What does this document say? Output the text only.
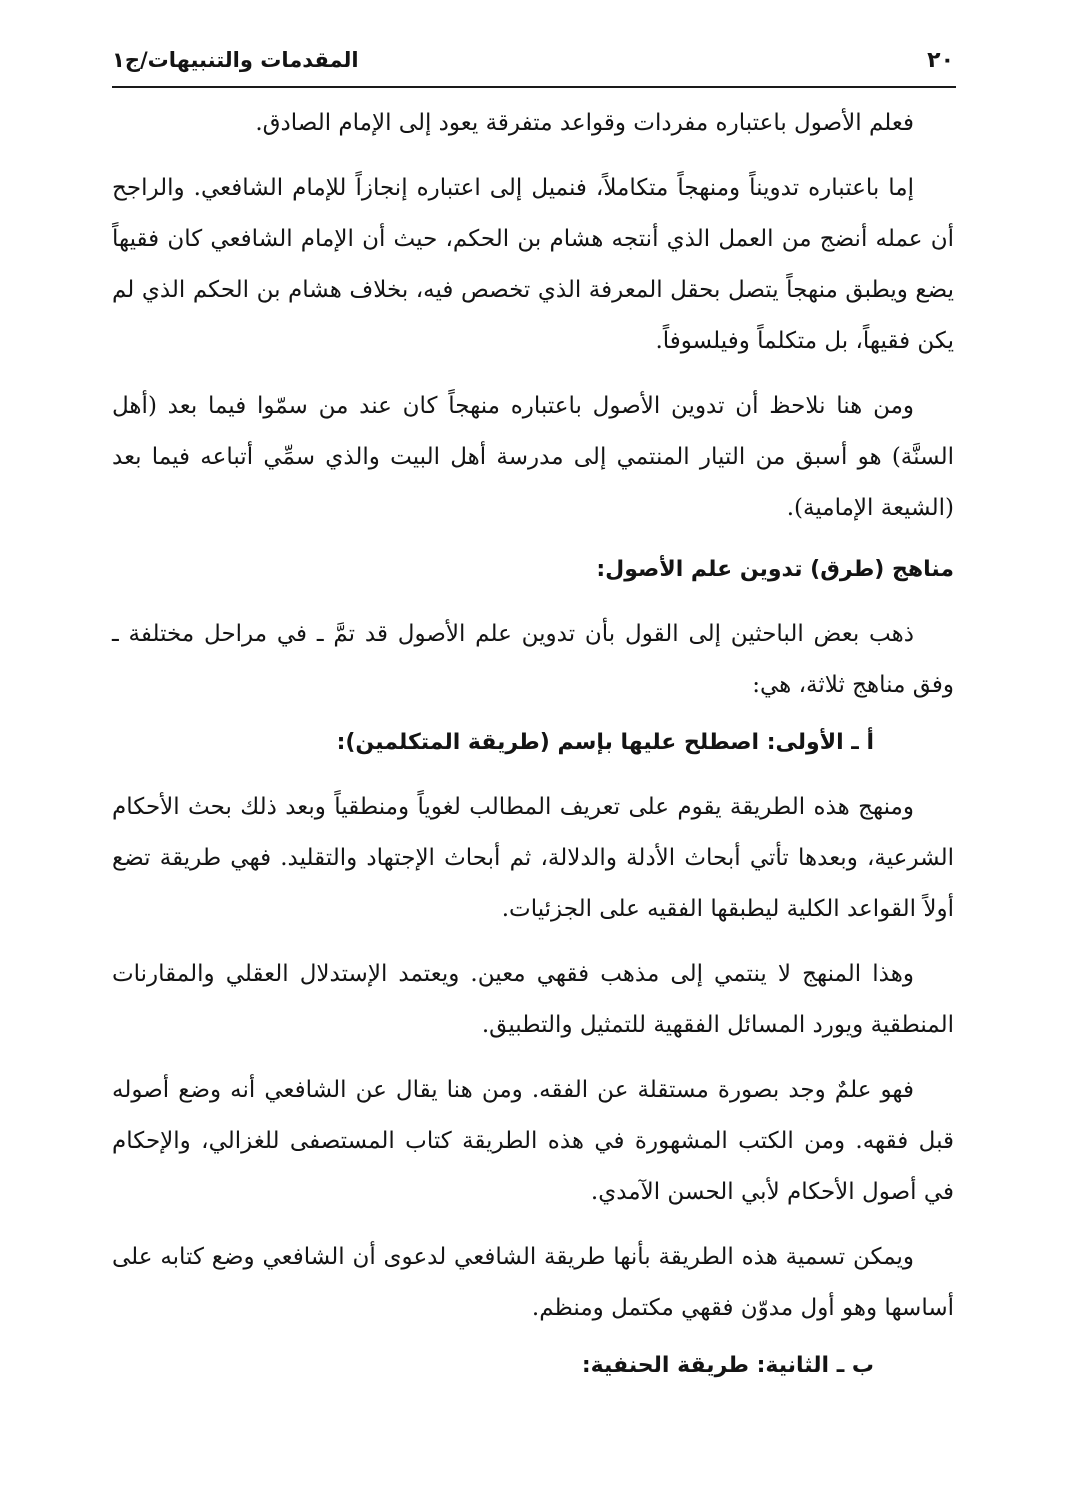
٢٠
المقدمات والتنبيهات/ج١

فعلم الأصول باعتباره مفردات وقواعد متفرقة يعود إلى الإمام الصادق.

إما باعتباره تدويناً ومنهجاً متكاملاً، فنميل إلى اعتباره إنجازاً للإمام الشافعي. والراجح أن عمله أنضج من العمل الذي أنتجه هشام بن الحكم، حيث أن الإمام الشافعي كان فقيهاً يضع ويطبق منهجاً يتصل بحقل المعرفة الذي تخصص فيه، بخلاف هشام بن الحكم الذي لم يكن فقيهاً، بل متكلماً وفيلسوفاً.

ومن هنا نلاحظ أن تدوين الأصول باعتباره منهجاً كان عند من سمّوا فيما بعد (أهل السنَّة) هو أسبق من التيار المنتمي إلى مدرسة أهل البيت والذي سمِّي أتباعه فيما بعد (الشيعة الإمامية).

مناهج (طرق) تدوين علم الأصول:

ذهب بعض الباحثين إلى القول بأن تدوين علم الأصول قد تمَّ ـ في مراحل مختلفة ـ وفق مناهج ثلاثة، هي:

أ ـ الأولى: اصطلح عليها بإسم (طريقة المتكلمين):

ومنهج هذه الطريقة يقوم على تعريف المطالب لغوياً ومنطقياً وبعد ذلك بحث الأحكام الشرعية، وبعدها تأتي أبحاث الأدلة والدلالة، ثم أبحاث الإجتهاد والتقليد. فهي طريقة تضع أولاً القواعد الكلية ليطبقها الفقيه على الجزئيات.

وهذا المنهج لا ينتمي إلى مذهب فقهي معين. ويعتمد الإستدلال العقلي والمقارنات المنطقية ويورد المسائل الفقهية للتمثيل والتطبيق.

فهو علمٌ وجد بصورة مستقلة عن الفقه. ومن هنا يقال عن الشافعي أنه وضع أصوله قبل فقهه. ومن الكتب المشهورة في هذه الطريقة كتاب المستصفى للغزالي، والإحكام في أصول الأحكام لأبي الحسن الآمدي.

ويمكن تسمية هذه الطريقة بأنها طريقة الشافعي لدعوى أن الشافعي وضع كتابه على أساسها وهو أول مدوّن فقهي مكتمل ومنظم.

ب ـ الثانية: طريقة الحنفية:
